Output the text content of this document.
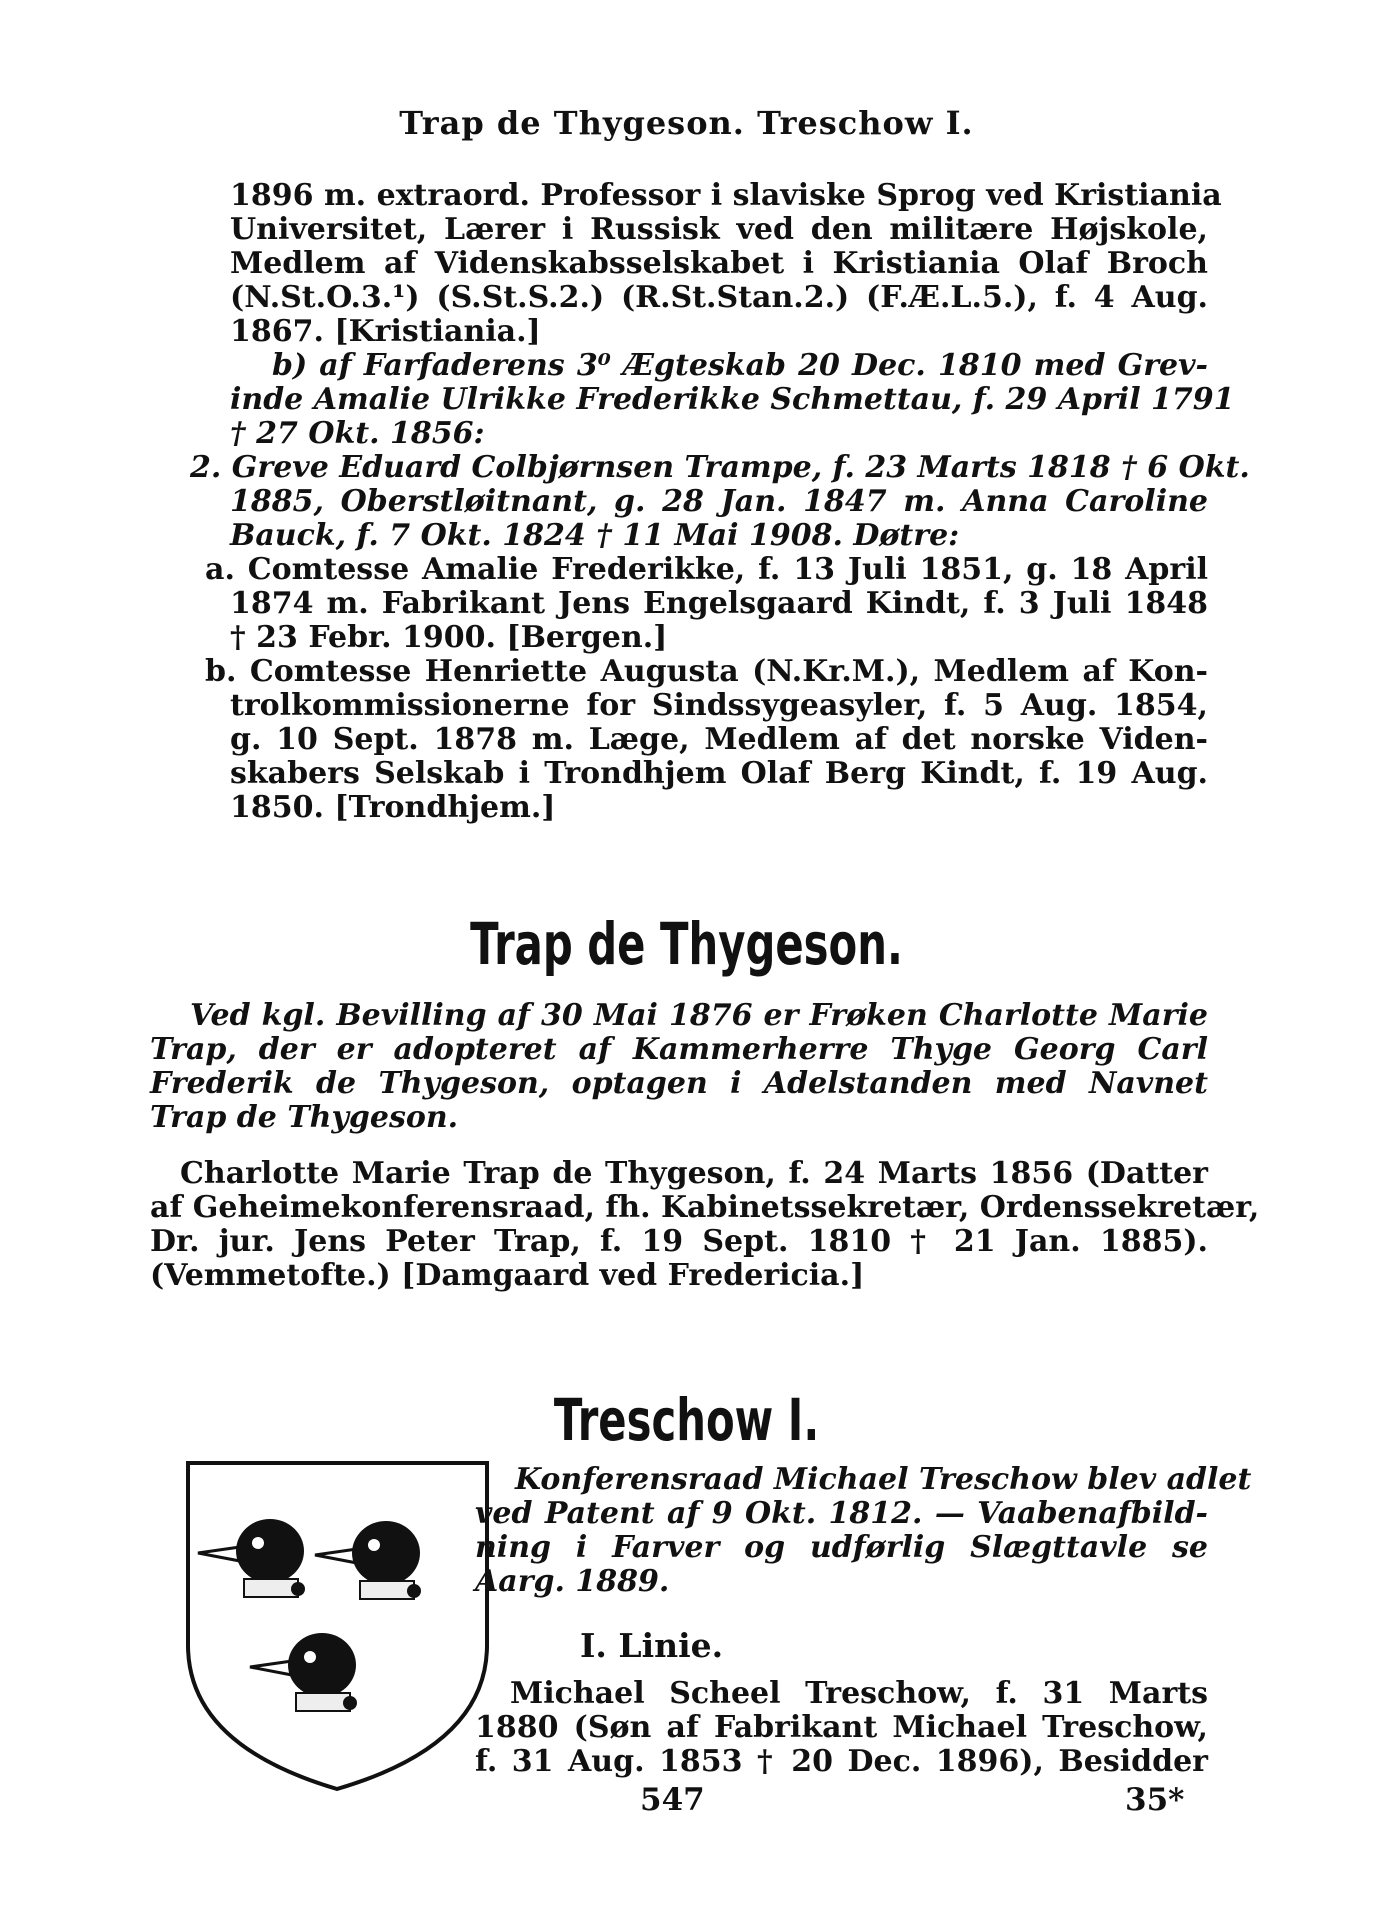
Trap de Thygeson. Treschow I.
1896 m. extraord. Professor i slaviske Sprog ved Kristiania
Universitet, Lærer i Russisk ved den militære Højskole,
Medlem af Videnskabsselskabet i Kristiania Olaf Broch
(N.St.O.3.¹) (S.St.S.2.) (R.St.Stan.2.) (F.Æ.L.5.), f. 4 Aug.
1867. [Kristiania.]
b) af Farfaderens 3⁰ Ægteskab 20 Dec. 1810 med Grev-
inde Amalie Ulrikke Frederikke Schmettau, f. 29 April 1791
† 27 Okt. 1856:
2. Greve Eduard Colbjørnsen Trampe, f. 23 Marts 1818 † 6 Okt.
1885, Oberstløitnant, g. 28 Jan. 1847 m. Anna Caroline
Bauck, f. 7 Okt. 1824 † 11 Mai 1908. Døtre:
a. Comtesse Amalie Frederikke, f. 13 Juli 1851, g. 18 April
1874 m. Fabrikant Jens Engelsgaard Kindt, f. 3 Juli 1848
† 23 Febr. 1900. [Bergen.]
b. Comtesse Henriette Augusta (N.Kr.M.), Medlem af Kon-
trolkommissionerne for Sindssygeasyler, f. 5 Aug. 1854,
g. 10 Sept. 1878 m. Læge, Medlem af det norske Viden-
skabers Selskab i Trondhjem Olaf Berg Kindt, f. 19 Aug.
1850. [Trondhjem.]
Trap de Thygeson.
Ved kgl. Bevilling af 30 Mai 1876 er Frøken Charlotte Marie
Trap, der er adopteret af Kammerherre Thyge Georg Carl
Frederik de Thygeson, optagen i Adelstanden med Navnet
Trap de Thygeson.
Charlotte Marie Trap de Thygeson, f. 24 Marts 1856 (Datter
af Geheimekonferensraad, fh. Kabinetssekretær, Ordenssekretær,
Dr. jur. Jens Peter Trap, f. 19 Sept. 1810 † 21 Jan. 1885).
(Vemmetofte.) [Damgaard ved Fredericia.]
Treschow I.
Konferensraad Michael Treschow blev adlet
ved Patent af 9 Okt. 1812. — Vaabenafbild-
ning i Farver og udførlig Slægttavle se
Aarg. 1889.
I. Linie.
Michael Scheel Treschow, f. 31 Marts
1880 (Søn af Fabrikant Michael Treschow,
f. 31 Aug. 1853 † 20 Dec. 1896), Besidder
547	35*
